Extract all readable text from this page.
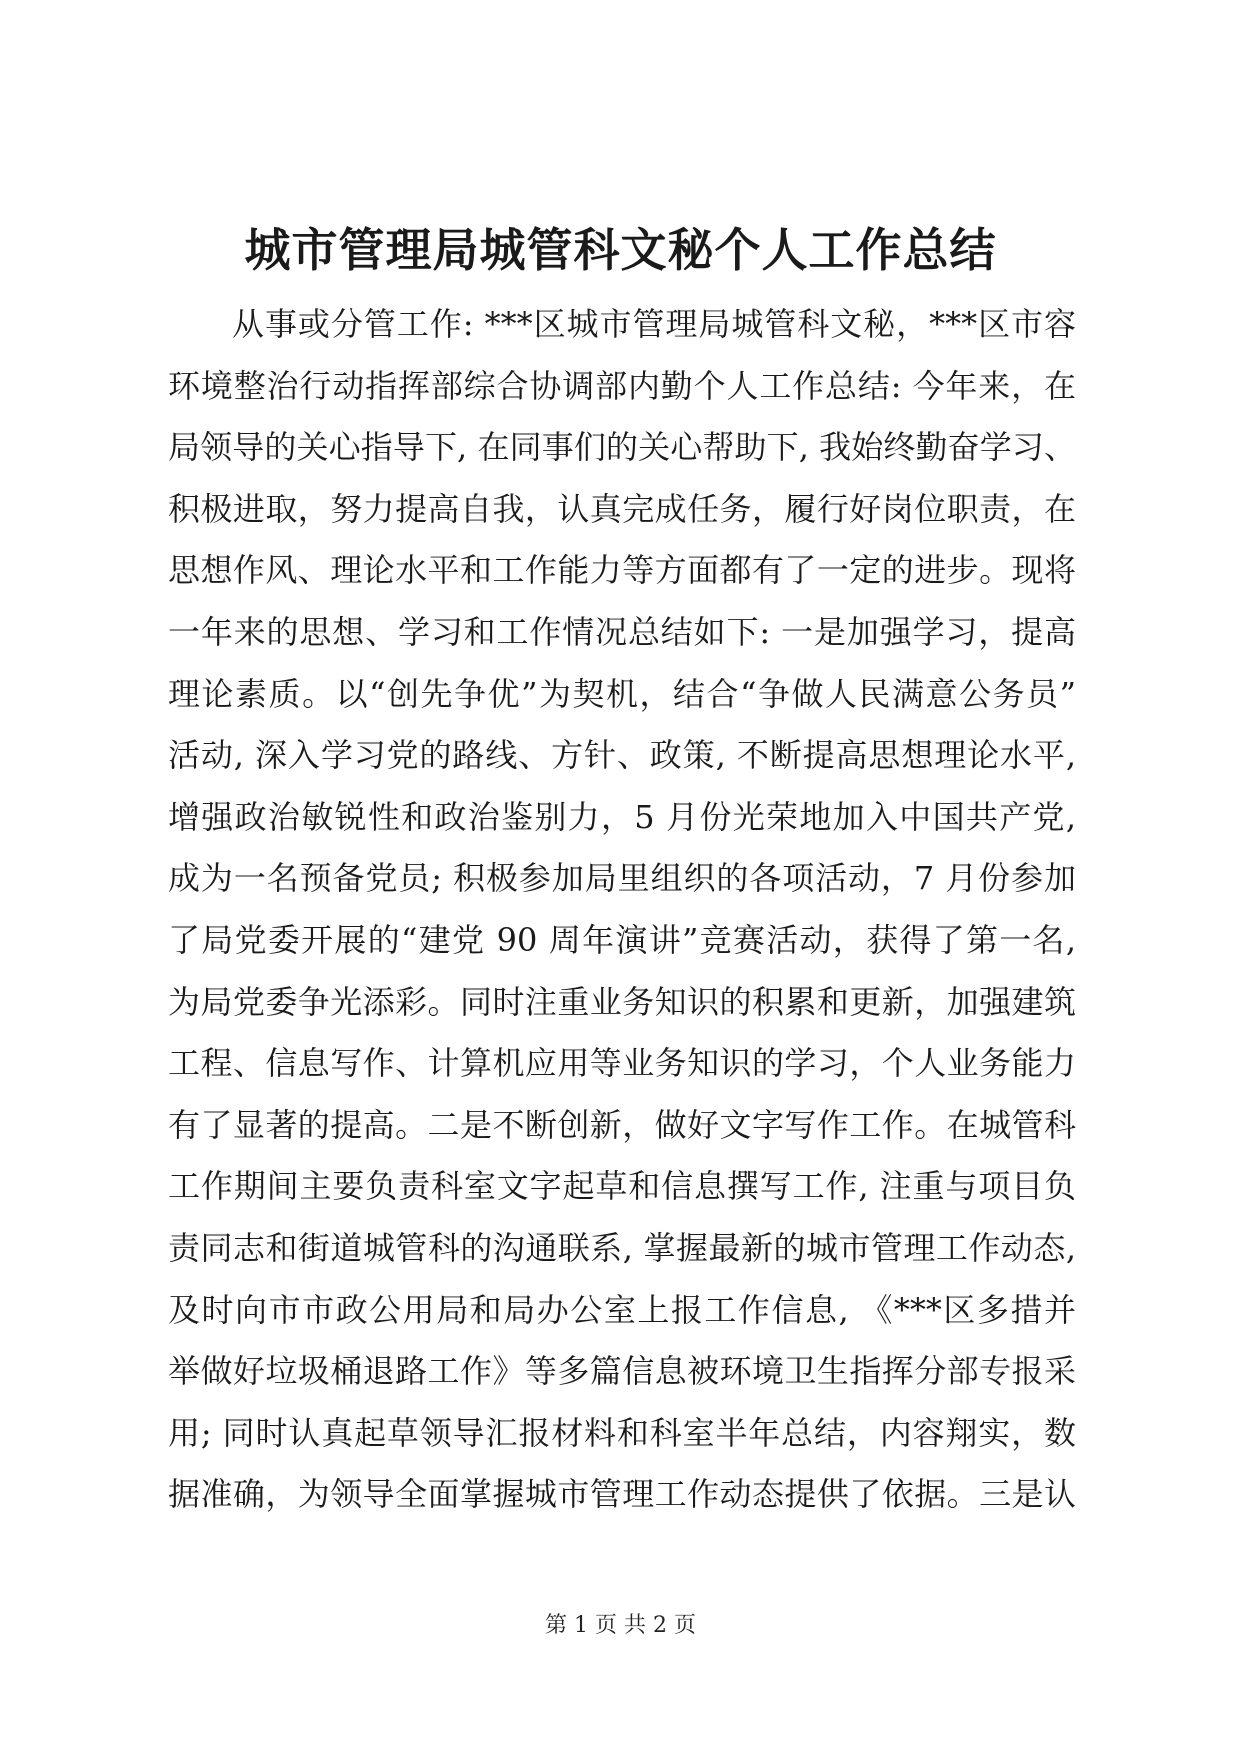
城市管理局城管科文秘个人工作总结
从事或分管工作: ***区城市管理局城管科文秘，***区市容
环境整治行动指挥部综合协调部内勤个人工作总结: 今年来，在
局领导的关心指导下, 在同事们的关心帮助下, 我始终勤奋学习、
积极进取，努力提高自我，认真完成任务，履行好岗位职责，在
思想作风、理论水平和工作能力等方面都有了一定的进步。现将
一年来的思想、学习和工作情况总结如下: 一是加强学习，提高
理论素质。以“创先争优”为契机，结合“争做人民满意公务员”
活动, 深入学习党的路线、方针、政策, 不断提高思想理论水平,
增强政治敏锐性和政治鉴别力，5 月份光荣地加入中国共产党,
成为一名预备党员; 积极参加局里组织的各项活动，7 月份参加
了局党委开展的“建党 90 周年演讲”竞赛活动，获得了第一名,
为局党委争光添彩。同时注重业务知识的积累和更新，加强建筑
工程、信息写作、计算机应用等业务知识的学习，个人业务能力
有了显著的提高。二是不断创新，做好文字写作工作。在城管科
工作期间主要负责科室文字起草和信息撰写工作, 注重与项目负
责同志和街道城管科的沟通联系, 掌握最新的城市管理工作动态,
及时向市市政公用局和局办公室上报工作信息, 《***区多措并
举做好垃圾桶退路工作》等多篇信息被环境卫生指挥分部专报采
用; 同时认真起草领导汇报材料和科室半年总结，内容翔实，数
据准确，为领导全面掌握城市管理工作动态提供了依据。三是认
第 1 页 共 2 页
